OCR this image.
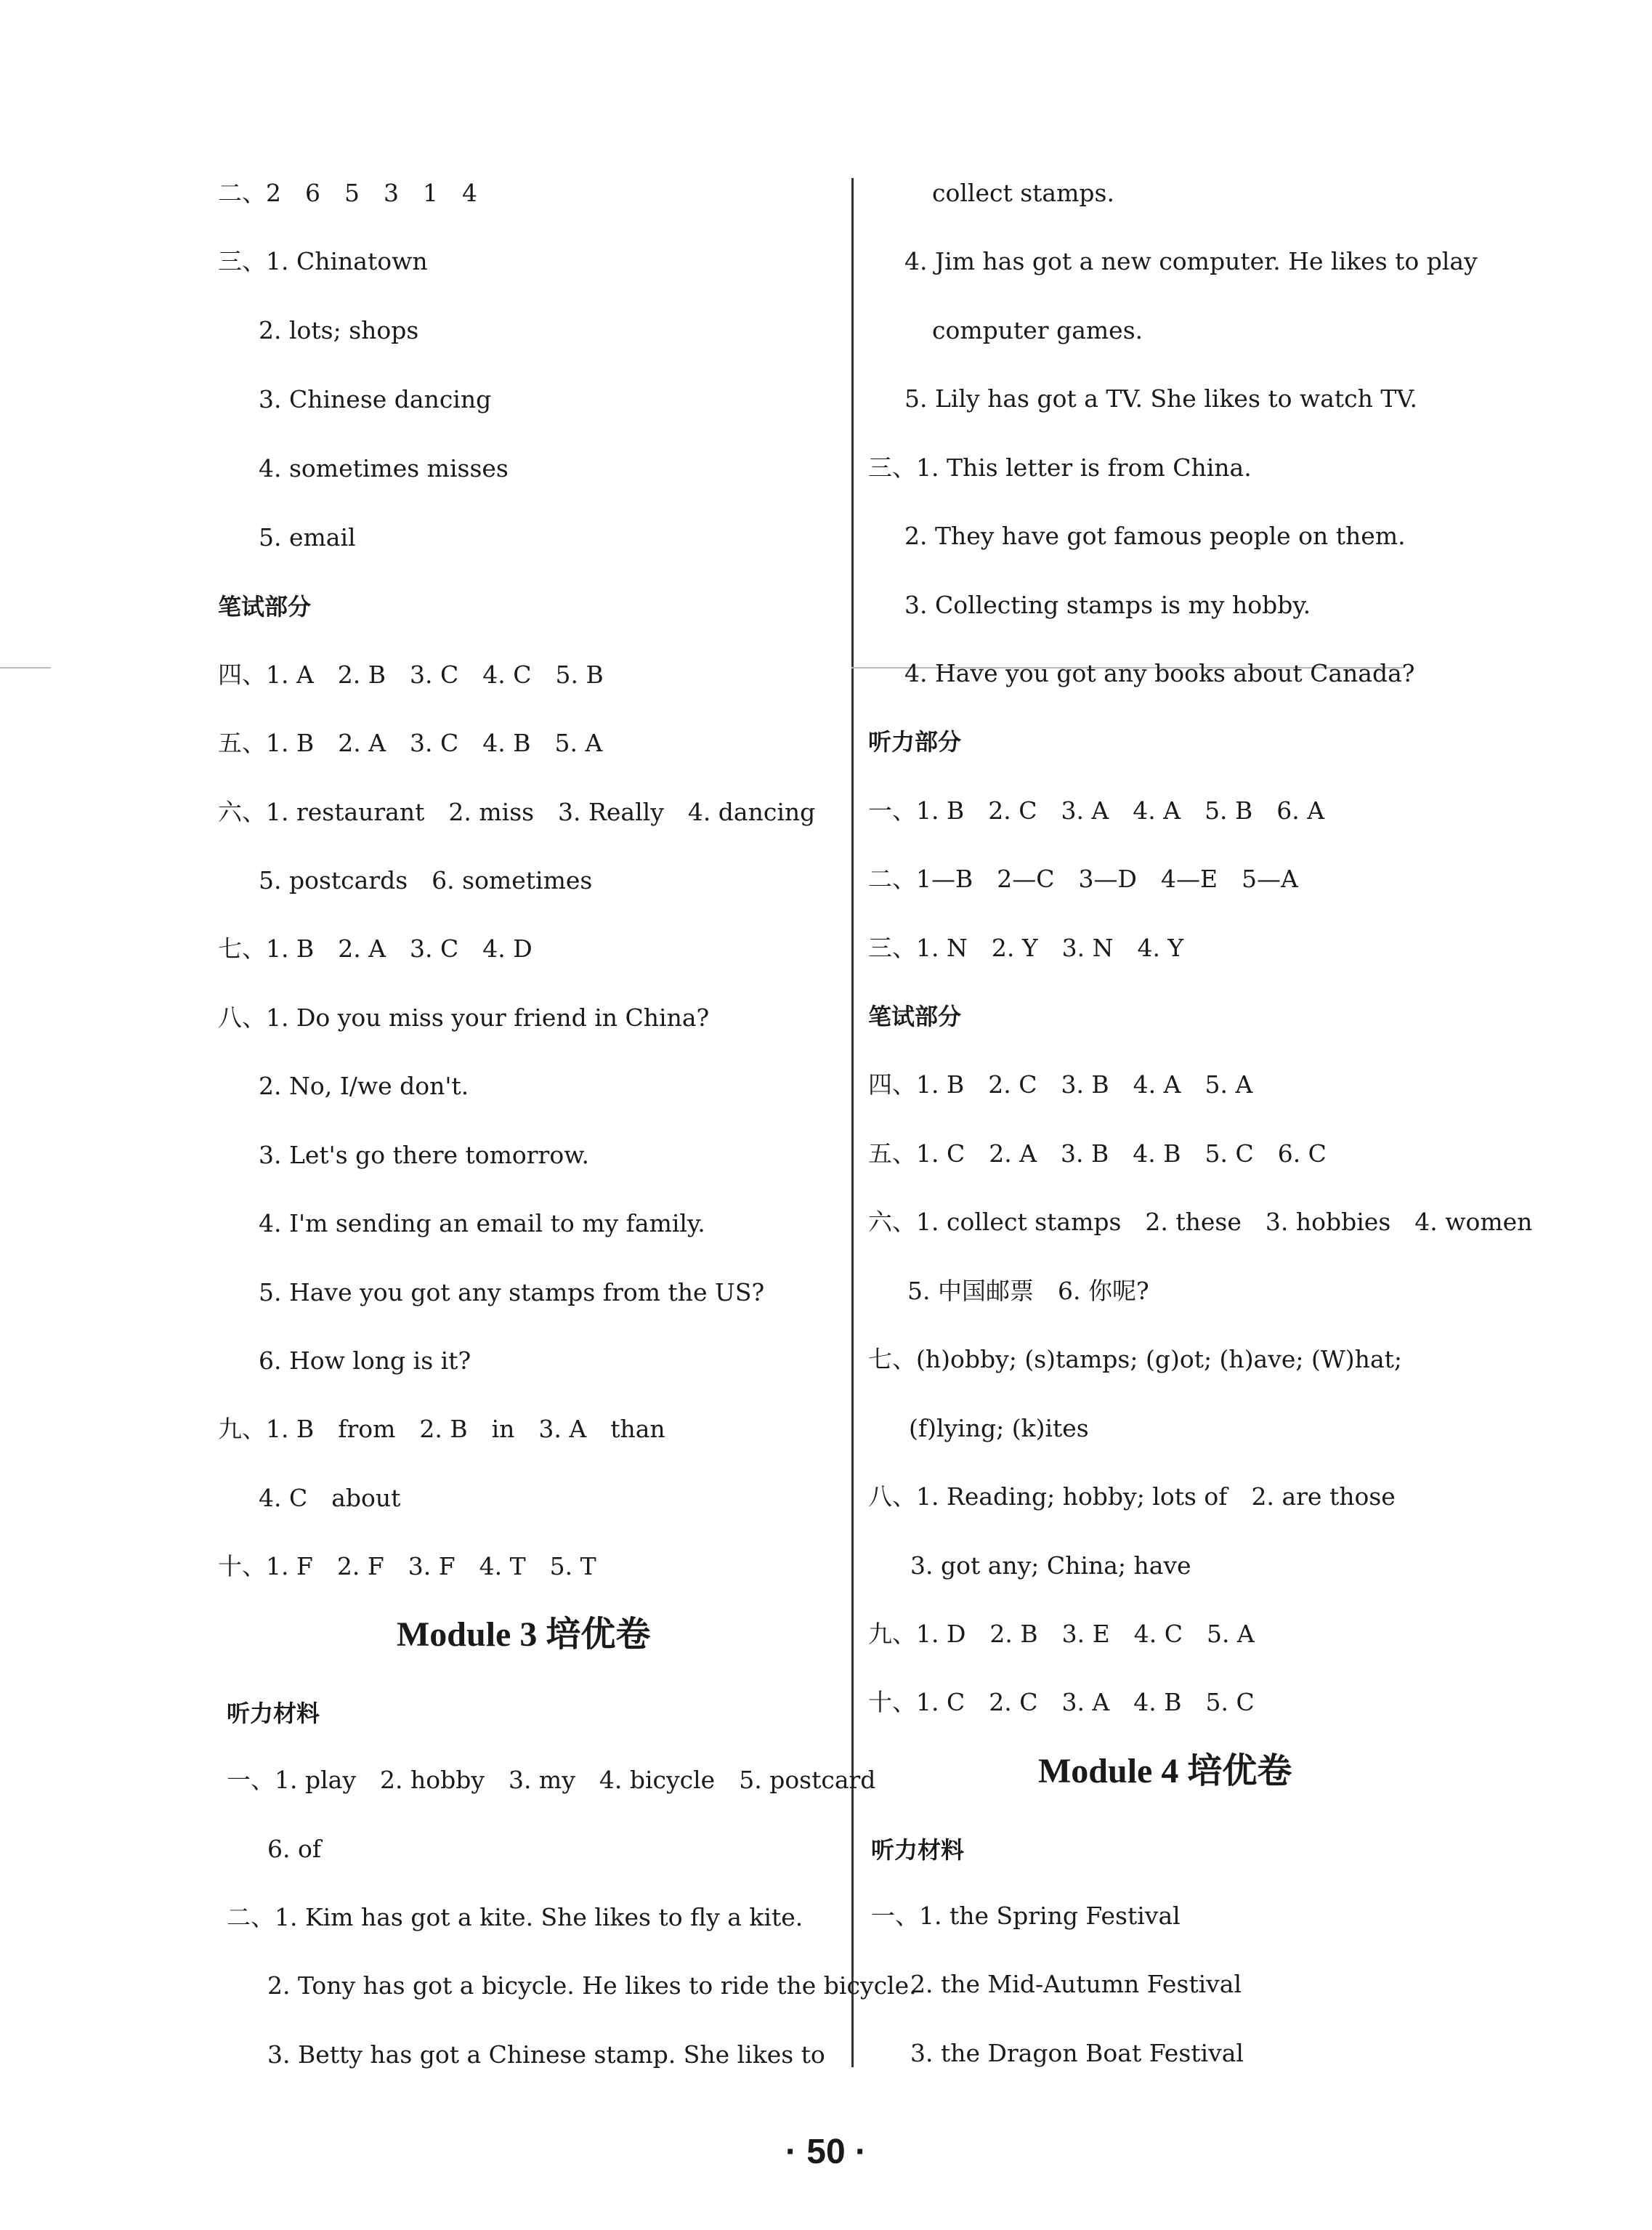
二、2　6　5　3　1　4
三、1. Chinatown
2. lots; shops
3. Chinese dancing
4. sometimes misses
5. email
笔试部分
四、1. A　2. B　3. C　4. C　5. B
五、1. B　2. A　3. C　4. B　5. A
六、1. restaurant　2. miss　3. Really　4. dancing
5. postcards　6. sometimes
七、1. B　2. A　3. C　4. D
八、1. Do you miss your friend in China?
2. No, I/we don't.
3. Let's go there tomorrow.
4. I'm sending an email to my family.
5. Have you got any stamps from the US?
6. How long is it?
九、1. B　from　2. B　in　3. A　than
4. C　about
十、1. F　2. F　3. F　4. T　5. T
Module 3 培优卷
听力材料
一、1. play　2. hobby　3. my　4. bicycle　5. postcard
6. of
二、1. Kim has got a kite. She likes to fly a kite.
2. Tony has got a bicycle. He likes to ride the bicycle.
3. Betty has got a Chinese stamp. She likes to
collect stamps.
4. Jim has got a new computer. He likes to play
computer games.
5. Lily has got a TV. She likes to watch TV.
三、1. This letter is from China.
2. They have got famous people on them.
3. Collecting stamps is my hobby.
4. Have you got any books about Canada?
听力部分
一、1. B　2. C　3. A　4. A　5. B　6. A
二、1—B　2—C　3—D　4—E　5—A
三、1. N　2. Y　3. N　4. Y
笔试部分
四、1. B　2. C　3. B　4. A　5. A
五、1. C　2. A　3. B　4. B　5. C　6. C
六、1. collect stamps　2. these　3. hobbies　4. women
5. 中国邮票　6. 你呢?
七、(h)obby; (s)tamps; (g)ot; (h)ave; (W)hat;
(f)lying; (k)ites
八、1. Reading; hobby; lots of　2. are those
3. got any; China; have
九、1. D　2. B　3. E　4. C　5. A
十、1. C　2. C　3. A　4. B　5. C
Module 4 培优卷
听力材料
一、1. the Spring Festival
2. the Mid-Autumn Festival
3. the Dragon Boat Festival
· 50 ·
